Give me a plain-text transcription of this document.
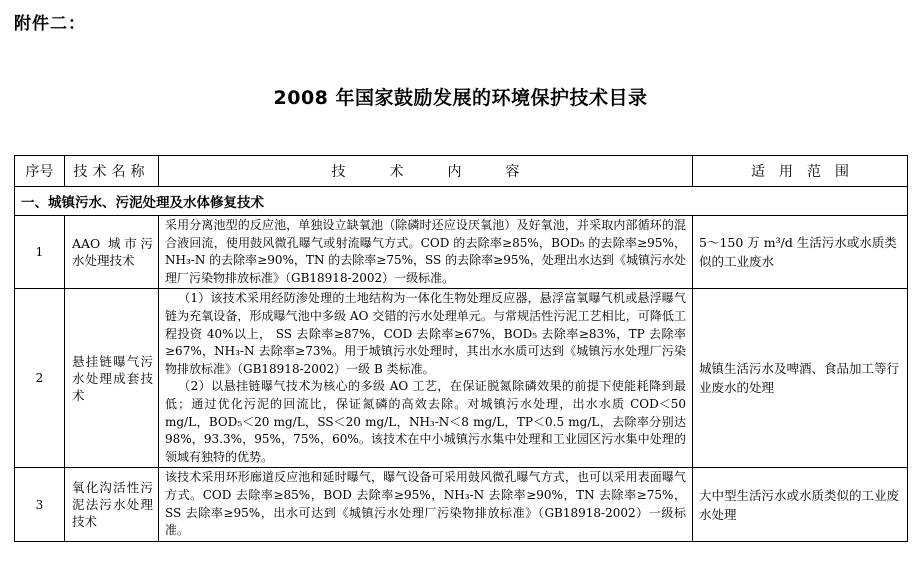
附件二：
2008 年国家鼓励发展的环境保护技术目录
序号	技术名称	技 术 内 容	适 用 范 围
一、城镇污水、污泥处理及水体修复技术			
1	AAO 城市污水处理技术	采用分离池型的反应池，单独设立缺氧池（除磷时还应设厌氧池）及好氧池，并采取内部循环的混合液回流，使用鼓风微孔曝气或射流曝气方式。COD 的去除率≥85%，BOD₅ 的去除率≥95%，NH₃-N 的去除率≥90%，TN 的去除率≥75%，SS 的去除率≥95%，处理出水达到《城镇污水处理厂污染物排放标准》（GB18918-2002）一级标准。	5～150 万 m³/d 生活污水或水质类似的工业废水
2	悬挂链曝气污水处理成套技术	（1）该技术采用经防渗处理的土地结构为一体化生物处理反应器，悬浮富氧曝气机或悬浮曝气链为充氧设备，形成曝气池中多级 AO 交错的污水处理单元。与常规活性污泥工艺相比，可降低工程投资 40%以上， SS 去除率≥87%，COD 去除率≥67%，BOD₅ 去除率≥83%，TP 去除率≥67%，NH₃-N 去除率≥73%。用于城镇污水处理时，其出水水质可达到《城镇污水处理厂污染物排放标准》（GB18918-2002）一级 B 类标准。
（2）以悬挂链曝气技术为核心的多级 AO 工艺，在保证脱氮除磷效果的前提下使能耗降到最低；通过优化污泥的回流比，保证氮磷的高效去除。对城镇污水处理，出水水质 COD＜50 mg/L，BOD₅＜20 mg/L，SS＜20 mg/L，NH₃-N＜8 mg/L，TP＜0.5 mg/L，去除率分别达 98%，93.3%，95%，75%，60%。该技术在中小城镇污水集中处理和工业园区污水集中处理的领域有独特的优势。	城镇生活污水及啤酒、食品加工等行业废水的处理
3	氧化沟活性污泥法污水处理技术	该技术采用环形廊道反应池和延时曝气，曝气设备可采用鼓风微孔曝气方式，也可以采用表面曝气方式。COD 去除率≥85%，BOD 去除率≥95%，NH₃-N 去除率≥90%，TN 去除率≥75%，SS 去除率≥95%，出水可达到《城镇污水处理厂污染物排放标准》（GB18918-2002）一级标准。	大中型生活污水或水质类似的工业废水处理
